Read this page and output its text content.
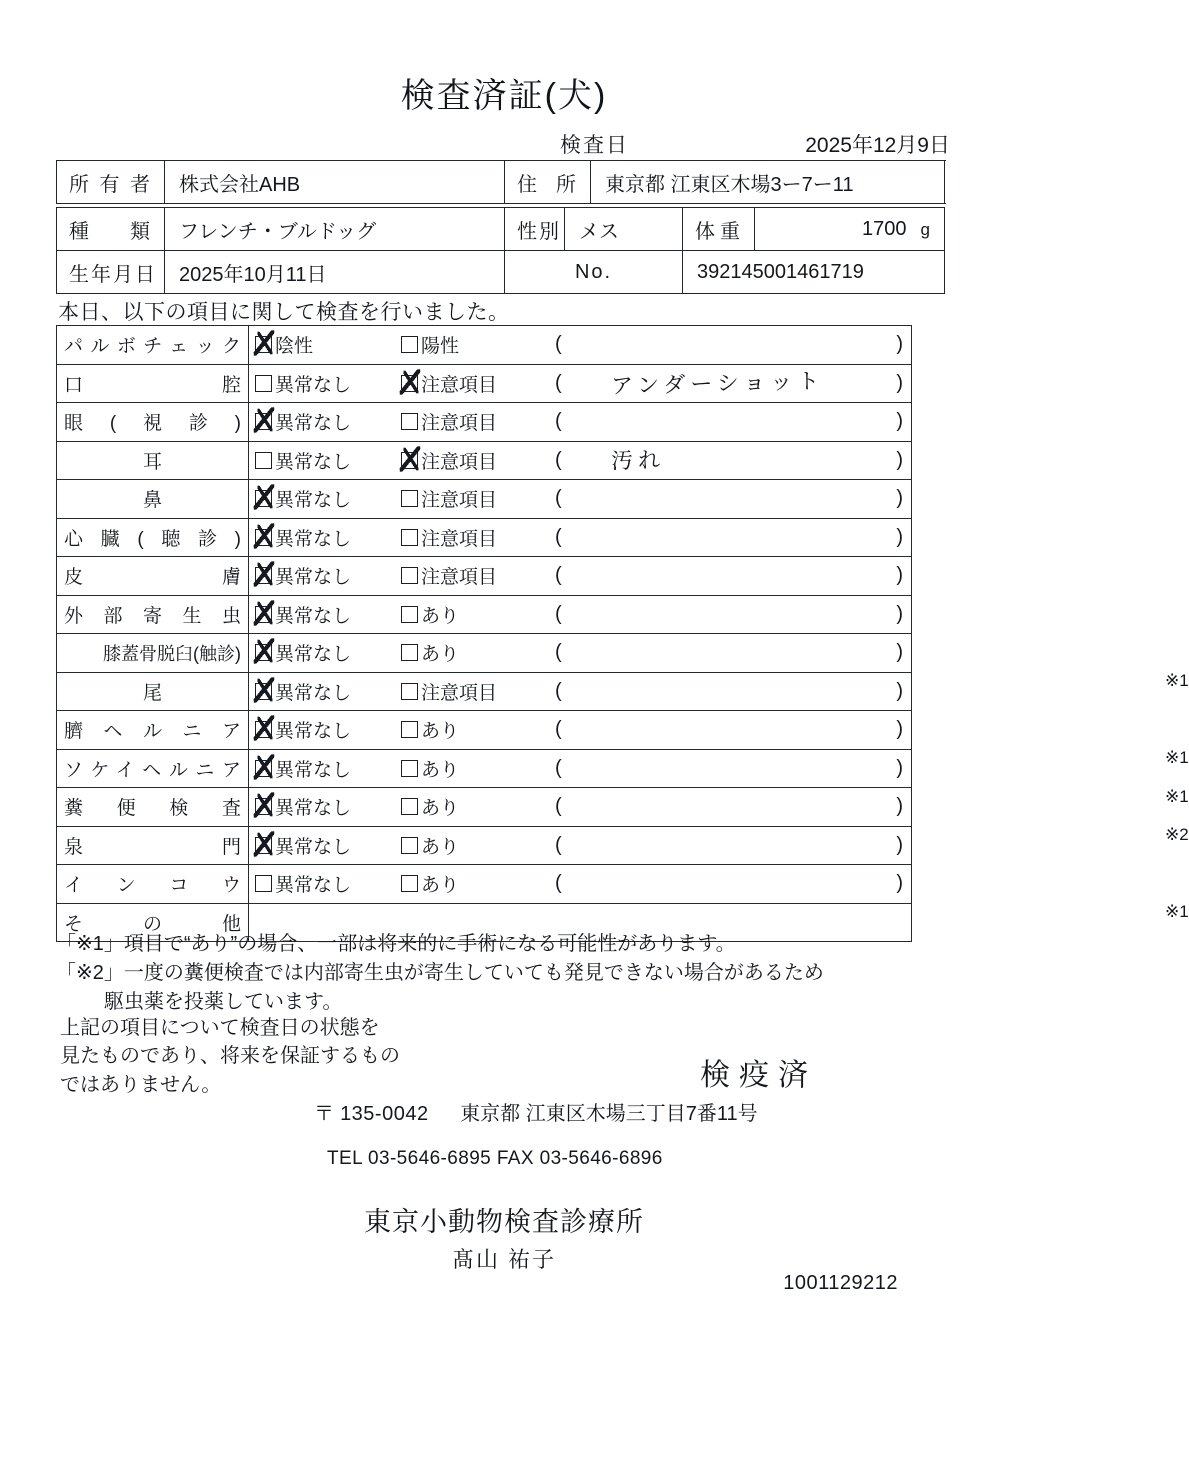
検査済証(犬)
検査日	2025年12月9日
所有者	株式会社AHB	住所	東京都 江東区木場3ー7ー11
種類	フレンチ・ブルドッグ	性別	メス	体重	1700 g

生年月日	2025年10月11日	No.		392145001461719	
本日、以下の項目に関して検査を行いました。
パルボチェック	陰性 陽性 ( )

口腔	異常なし 注意項目 ( アンダーショット )

眼(視診)	異常なし 注意項目 ( )

耳	異常なし 注意項目 ( 汚れ )

鼻	異常なし 注意項目 ( )

心臓(聴診)	異常なし 注意項目 ( )

皮膚	異常なし 注意項目 ( )

外部寄生虫	異常なし あり ( )

膝蓋骨脱臼(触診)	異常なし あり ( )
※1

尾	異常なし 注意項目 ( )

臍ヘルニア	異常なし あり ( )
※1

ソケイヘルニア	異常なし あり ( )
※1

糞便検査	異常なし あり ( )
※2

泉門	異常なし あり ( )

インコウ	異常なし あり ( )
※1

その他	
「※1」項目で“あり”の場合、一部は将来的に手術になる可能性があります。
「※2」一度の糞便検査では内部寄生虫が寄生していても発見できない場合があるため
駆虫薬を投薬しています。
上記の項目について検査日の状態を
見たものであり、将来を保証するもの
ではありません。	検疫済
〒 135-0042 東京都 江東区木場三丁目7番11号
TEL 03-5646-6895 FAX 03-5646-6896
東京小動物検査診療所
髙山 祐子
1001129212
